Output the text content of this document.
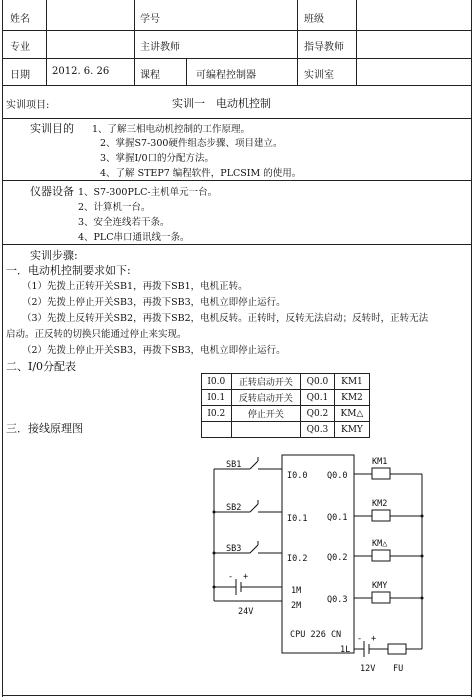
姓名	学号	班级
专业	主讲教师	指导教师
日期 2012. 6. 26	课程	可编程控制器	实训室
实训项目:	实训一　电动机控制
实训目的 1、了解三相电动机控制的工作原理。
2、掌握S7-300硬件组态步骤、项目建立。
3、掌握I/0口的分配方法。
4、了解 STEP7 编程软件，PLCSIM 的使用。
仪器设备 1、S7-300PLC-主机单元一台。
2、计算机一台。
3、安全连线若干条。
4、PLC串口通讯线一条。
实训步骤:
一．电动机控制要求如下:
（1）先拨上正转开关SB1，再拨下SB1，电机正转。
（2）先拨上停止开关SB3，再拨下SB3，电机立即停止运行。
（3）先拨上反转开关SB2，再拨下SB2，电机反转。正转时，反转无法启动；反转时，正转无法
启动。正反转的切换只能通过停止来实现。
（2）先拨上停止开关SB3，再拨下SB3，电机立即停止运行。
二、I/0分配表
三．接线原理图
I0.0	正转启动开关	Q0.0	KM1
I0.1	反转启动开关	Q0.1	KM2
I0.2	停止开关	Q0.2	KM△
		Q0.3	KMY
SB1
SB2
SB3
I0.0
I0.1
I0.2
1M
2M
Q0.0
Q0.1
Q0.2
Q0.3
KM1
KM2
KM△
KMY
CPU 226 CN
1L
24V
+
-
12V
+
-
FU
